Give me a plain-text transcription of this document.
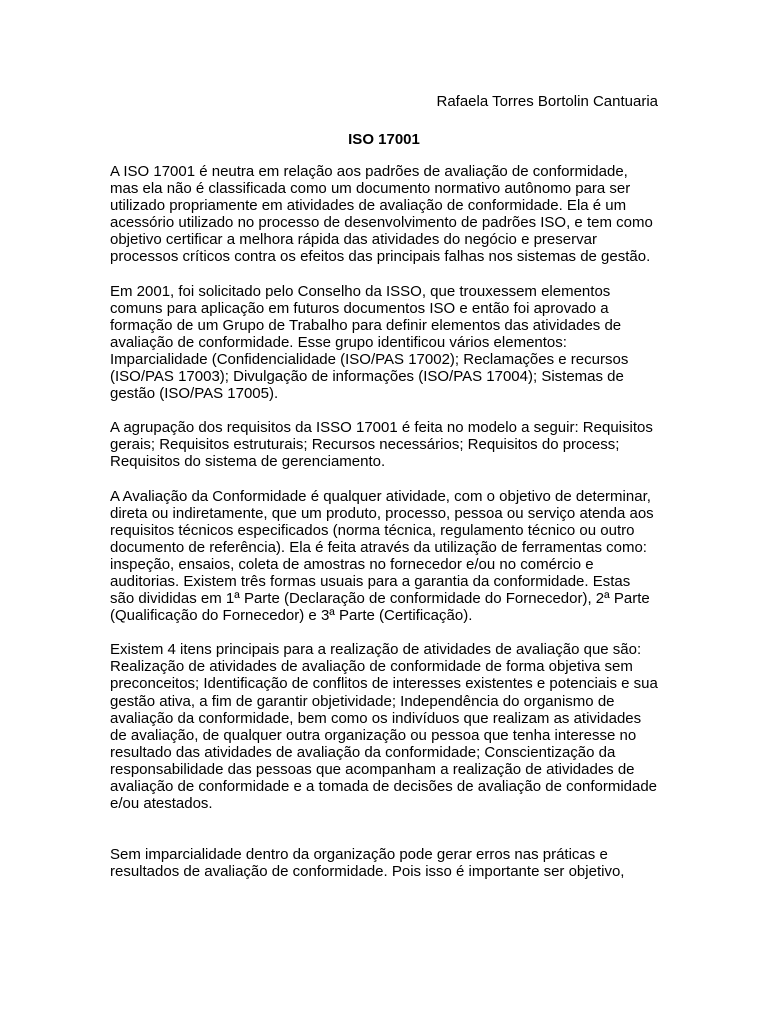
Rafaela Torres Bortolin Cantuaria

ISO 17001

A ISO 17001 é neutra em relação aos padrões de avaliação de conformidade, mas ela não é classificada como um documento normativo autônomo para ser utilizado propriamente em atividades de avaliação de conformidade. Ela é um acessório utilizado no processo de desenvolvimento de padrões ISO, e tem como objetivo certificar a melhora rápida das atividades do negócio e preservar processos críticos contra os efeitos das principais falhas nos sistemas de gestão.

Em 2001, foi solicitado pelo Conselho da ISSO, que trouxessem elementos comuns para aplicação em futuros documentos ISO e então foi aprovado a formação de um Grupo de Trabalho para definir elementos das atividades de avaliação de conformidade. Esse grupo identificou vários elementos: Imparcialidade (Confidencialidade (ISO/PAS 17002); Reclamações e recursos (ISO/PAS 17003); Divulgação de informações (ISO/PAS 17004); Sistemas de gestão (ISO/PAS 17005).

A agrupação dos requisitos da ISSO 17001 é feita no modelo a seguir: Requisitos gerais; Requisitos estruturais; Recursos necessários; Requisitos do process; Requisitos do sistema de gerenciamento.

A Avaliação da Conformidade é qualquer atividade, com o objetivo de determinar, direta ou indiretamente, que um produto, processo, pessoa ou serviço atenda aos requisitos técnicos especificados (norma técnica, regulamento técnico ou outro documento de referência). Ela é feita através da utilização de ferramentas como: inspeção, ensaios, coleta de amostras no fornecedor e/ou no comércio e auditorias. Existem três formas usuais para a garantia da conformidade. Estas são divididas em 1ª Parte (Declaração de conformidade do Fornecedor), 2ª Parte (Qualificação do Fornecedor) e 3ª Parte (Certificação).

Existem 4 itens principais para a realização de atividades de avaliação que são: Realização de atividades de avaliação de conformidade de forma objetiva sem preconceitos; Identificação de conflitos de interesses existentes e potenciais e sua gestão ativa, a fim de garantir objetividade; Independência do organismo de avaliação da conformidade, bem como os indivíduos que realizam as atividades de avaliação, de qualquer outra organização ou pessoa que tenha interesse no resultado das atividades de avaliação da conformidade; Conscientização da responsabilidade das pessoas que acompanham a realização de atividades de avaliação de conformidade e a tomada de decisões de avaliação de conformidade e/ou atestados.

Sem imparcialidade dentro da organização pode gerar erros nas práticas e resultados de avaliação de conformidade. Pois isso é importante ser objetivo,
